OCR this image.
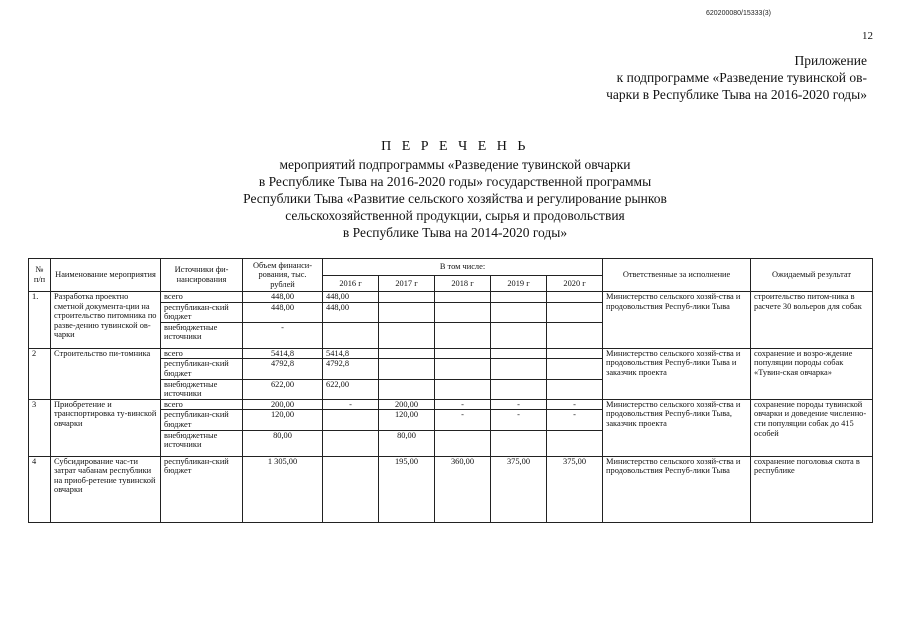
620200080/15333(3)
12
Приложение
к подпрограмме «Разведение тувинской ов-
чарки в Республике Тыва на 2016-2020 годы»
П Е Р Е Ч Е Н Ь
мероприятий подпрограммы «Разведение тувинской овчарки
в Республике Тыва на 2016-2020 годы» государственной программы
Республики Тыва «Развитие сельского хозяйства и регулирование рынков
сельскохозяйственной продукции, сырья и продовольствия
в Республике Тыва на 2014-2020 годы»
№ п/п	Наименование мероприятия	Источники фи-нансирования	Объем финанси-рования, тыс. рублей	В том числе:					Ответственные за исполнение	Ожидаемый результат
				2016 г	2017 г	2018 г	2019 г	2020 г		
1.	Разработка проектно сметной документа-ции на строительство питомника по разве-дению тувинской ов-чарки	всего	448,00	448,00					Министерство сельского хозяй-ства и продовольствия Респуб-лики Тыва	строительство питом-ника в расчете 30 вольеров для собак
		республикан-ский бюджет	448,00	448,00						
		внебюджетные источники	-							
2	Строительство пи-томника	всего	5414,8	5414,8					Министерство сельского хозяй-ства и продовольствия Респуб-лики Тыва и заказчик проекта	сохранение и возро-ждение популяции породы собак «Тувин-ская овчарка»
		республикан-ский бюджет	4792,8	4792,8						
		внебюджетные источники	622,00	622,00						
3	Приобретение и транспортировка ту-винской овчарки	всего	200,00	-	200,00	-	-	-	Министерство сельского хозяй-ства и продовольствия Респуб-лики Тыва, заказчик проекта	сохранение породы тувинской овчарки и доведение численно-сти популяции собак до 415 особей
		республикан-ский бюджет	120,00		120,00	-	-	-		
		внебюджетные источники	80,00		80,00					
4	Субсидирование час-ти затрат чабанам республики на приоб-ретение тувинской овчарки	республикан-ский бюджет	1 305,00		195,00	360,00	375,00	375,00	Министерство сельского хозяй-ства и продовольствия Респуб-лики Тыва	сохранение поголовья скота в республике
